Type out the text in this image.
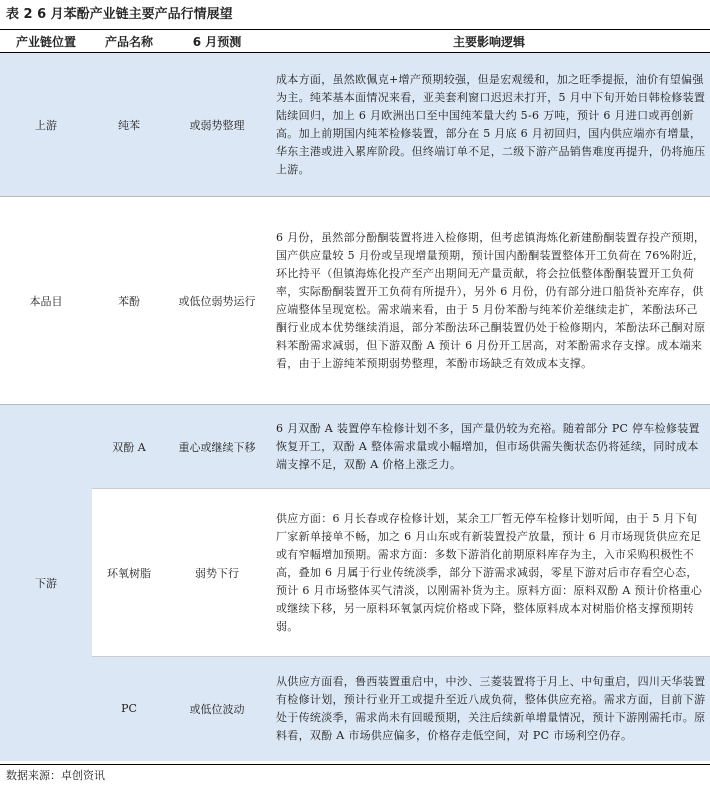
表 2 6 月苯酚产业链主要产品行情展望
产业链位置	产品名称	6 月预测	主要影响逻辑
上游	纯苯	或弱势整理	成本方面，虽然欧佩克+增产预期较强，但是宏观缓和，加之旺季提振，油价有望偏强为主。纯苯基本面情况来看，亚美套利窗口迟迟未打开，5 月中下旬开始日韩检修装置陆续回归，加上 6 月欧洲出口至中国纯苯量大约 5-6 万吨，预计 6 月进口或再创新高。加上前期国内纯苯检修装置，部分在 5 月底 6 月初回归，国内供应端亦有增量，华东主港或进入累库阶段。但终端订单不足，二级下游产品销售难度再提升，仍将施压上游。
本品目	苯酚	或低位弱势运行	6 月份，虽然部分酚酮装置将进入检修期，但考虑镇海炼化新建酚酮装置存投产预期，国产供应量较 5 月份或呈现增量预期，预计国内酚酮装置整体开工负荷在 76%附近，环比持平（但镇海炼化投产至产出期间无产量贡献，将会拉低整体酚酮装置开工负荷率，实际酚酮装置开工负荷有所提升），另外 6 月份，仍有部分进口船货补充库存，供应端整体呈现宽松。需求端来看，由于 5 月份苯酚与纯苯价差继续走扩，苯酚法环己酮行业成本优势继续消退，部分苯酚法环己酮装置仍处于检修期内，苯酚法环己酮对原料苯酚需求减弱，但下游双酚 A 预计 6 月份开工居高，对苯酚需求存支撑。成本端来看，由于上游纯苯预期弱势整理，苯酚市场缺乏有效成本支撑。
下游	双酚 A	重心或继续下移	6 月双酚 A 装置停车检修计划不多，国产量仍较为充裕。随着部分 PC 停车检修装置恢复开工，双酚 A 整体需求量或小幅增加，但市场供需失衡状态仍将延续，同时成本端支撑不足，双酚 A 价格上涨乏力。
	环氧树脂	弱势下行	供应方面：6 月长春或存检修计划，某余工厂暂无停车检修计划听闻，由于 5 月下旬厂家新单接单不畅，加之 6 月山东或有新装置投产放量，预计 6 月市场现货供应充足或有窄幅增加预期。需求方面：多数下游消化前期原料库存为主，入市采购积极性不高，叠加 6 月属于行业传统淡季，部分下游需求减弱，零星下游对后市存看空心态，预计 6 月市场整体买气清淡，以刚需补货为主。原料方面：原料双酚 A 预计价格重心或继续下移，另一原料环氧氯丙烷价格或下降，整体原料成本对树脂价格支撑预期转弱。
	PC	或低位波动	从供应方面看，鲁西装置重启中，中沙、三菱装置将于月上、中旬重启，四川天华装置有检修计划，预计行业开工或提升至近八成负荷，整体供应充裕。需求方面，目前下游处于传统淡季，需求尚未有回暖预期，关注后续新单增量情况，预计下游刚需托市。原料看，双酚 A 市场供应偏多，价格存走低空间，对 PC 市场利空仍存。
数据来源：卓创资讯
